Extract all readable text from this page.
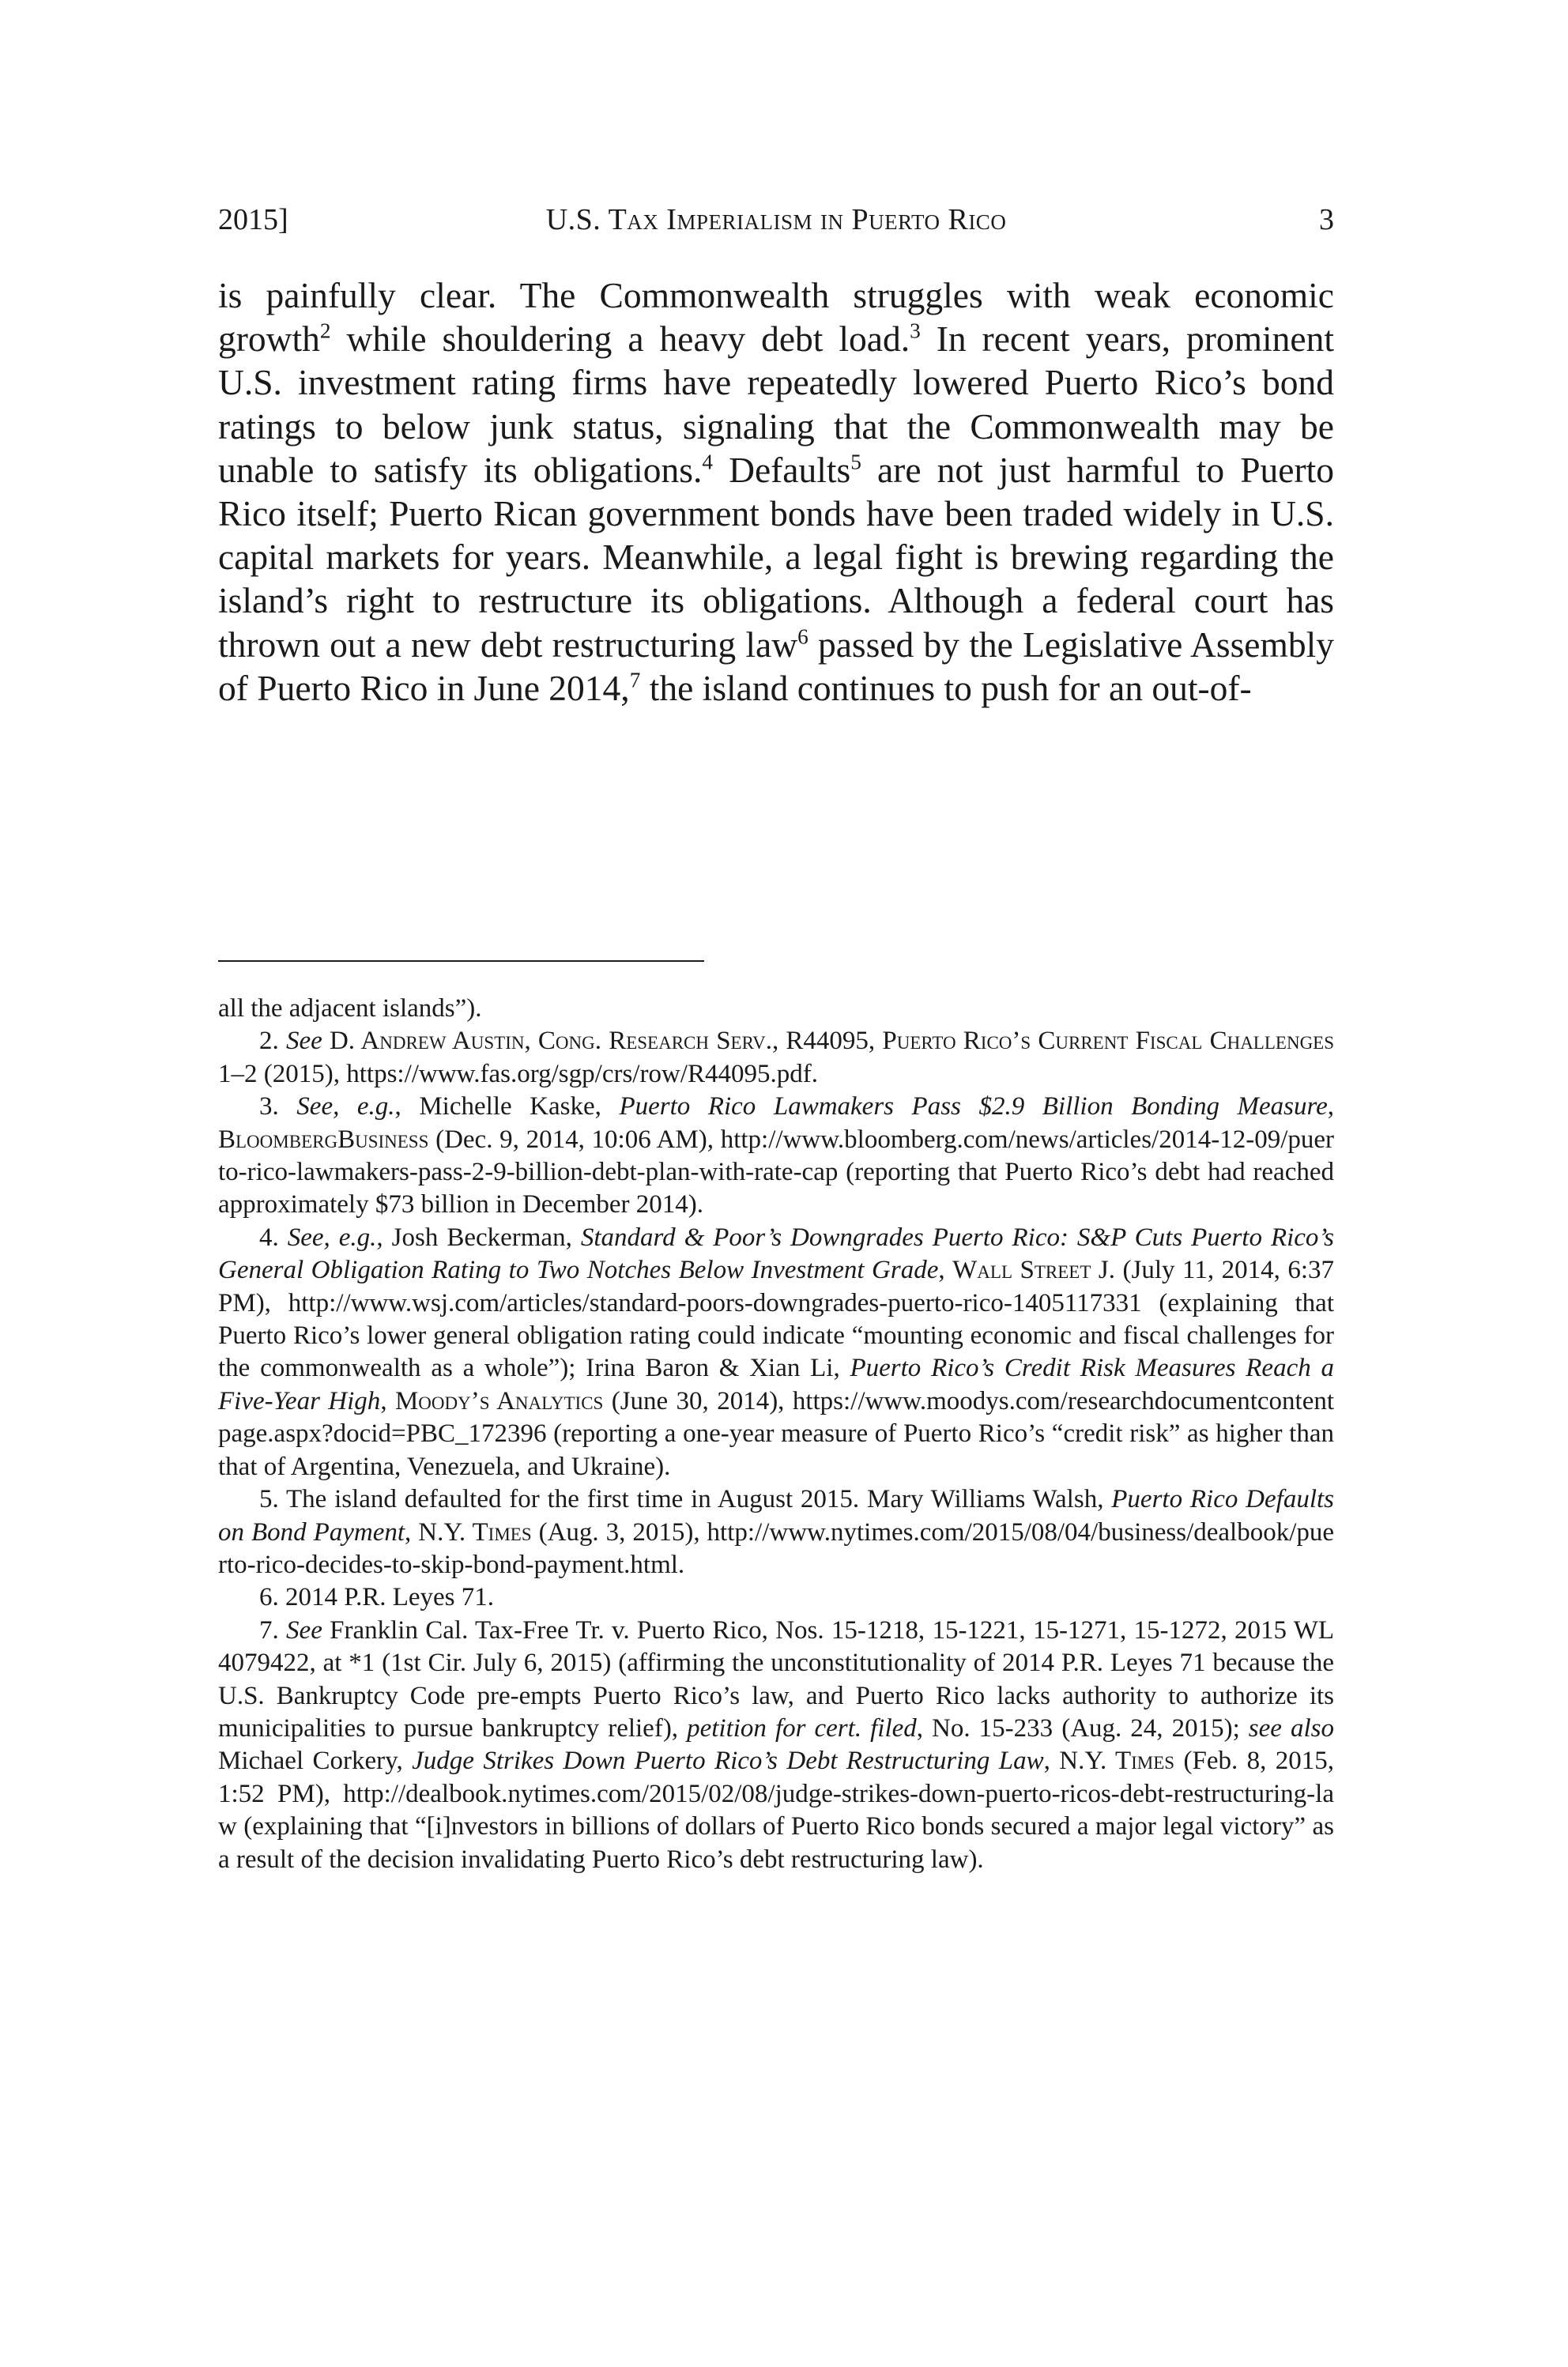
2015]	U.S. Tax Imperialism in Puerto Rico	3

is painfully clear. The Commonwealth struggles with weak economic growth$^2$ while shouldering a heavy debt load.$^3$ In recent years, prominent U.S. investment rating firms have repeatedly lowered Puerto Rico’s bond ratings to below junk status, signaling that the Commonwealth may be unable to satisfy its obligations.$^4$ Defaults$^5$ are not just harmful to Puerto Rico itself; Puerto Rican government bonds have been traded widely in U.S. capital markets for years. Meanwhile, a legal fight is brewing regarding the island’s right to restructure its obligations. Although a federal court has thrown out a new debt restructuring law$^6$ passed by the Legislative Assembly of Puerto Rico in June 2014,$^7$ the island continues to push for an out-of-

all the adjacent islands”).

2. See D. Andrew Austin, Cong. Research Serv., R44095, Puerto Rico’s Current Fiscal Challenges 1–2 (2015), https://www.fas.org/sgp/crs/row/R44095.pdf.

3. See, e.g., Michelle Kaske, Puerto Rico Lawmakers Pass $2.9 Billion Bonding Measure, BloombergBusiness (Dec. 9, 2014, 10:06 AM), http://www.bloomberg.com/news/articles/2014-12-09/puerto-rico-lawmakers-pass-2-9-billion-debt-plan-with-rate-cap (reporting that Puerto Rico’s debt had reached approximately $73 billion in December 2014).

4. See, e.g., Josh Beckerman, Standard & Poor’s Downgrades Puerto Rico: S&P Cuts Puerto Rico’s General Obligation Rating to Two Notches Below Investment Grade, Wall Street J. (July 11, 2014, 6:37 PM), http://www.wsj.com/articles/standard-poors-downgrades-puerto-rico-1405117331 (explaining that Puerto Rico’s lower general obligation rating could indicate “mounting economic and fiscal challenges for the commonwealth as a whole”); Irina Baron & Xian Li, Puerto Rico’s Credit Risk Measures Reach a Five-Year High, Moody’s Analytics (June 30, 2014), https://www.moodys.com/researchdocumentcontentpage.aspx?docid=PBC_172396 (reporting a one-year measure of Puerto Rico’s “credit risk” as higher than that of Argentina, Venezuela, and Ukraine).

5. The island defaulted for the first time in August 2015. Mary Williams Walsh, Puerto Rico Defaults on Bond Payment, N.Y. Times (Aug. 3, 2015), http://www.nytimes.com/2015/08/04/business/dealbook/puerto-rico-decides-to-skip-bond-payment.html.

6. 2014 P.R. Leyes 71.

7. See Franklin Cal. Tax-Free Tr. v. Puerto Rico, Nos. 15-1218, 15-1221, 15-1271, 15-1272, 2015 WL 4079422, at *1 (1st Cir. July 6, 2015) (affirming the unconstitutionality of 2014 P.R. Leyes 71 because the U.S. Bankruptcy Code pre-empts Puerto Rico’s law, and Puerto Rico lacks authority to authorize its municipalities to pursue bankruptcy relief), petition for cert. filed, No. 15-233 (Aug. 24, 2015); see also Michael Corkery, Judge Strikes Down Puerto Rico’s Debt Restructuring Law, N.Y. Times (Feb. 8, 2015, 1:52 PM), http://dealbook.nytimes.com/2015/02/08/judge-strikes-down-puerto-ricos-debt-restructuring-law (explaining that “[i]nvestors in billions of dollars of Puerto Rico bonds secured a major legal victory” as a result of the decision invalidating Puerto Rico’s debt restructuring law).
